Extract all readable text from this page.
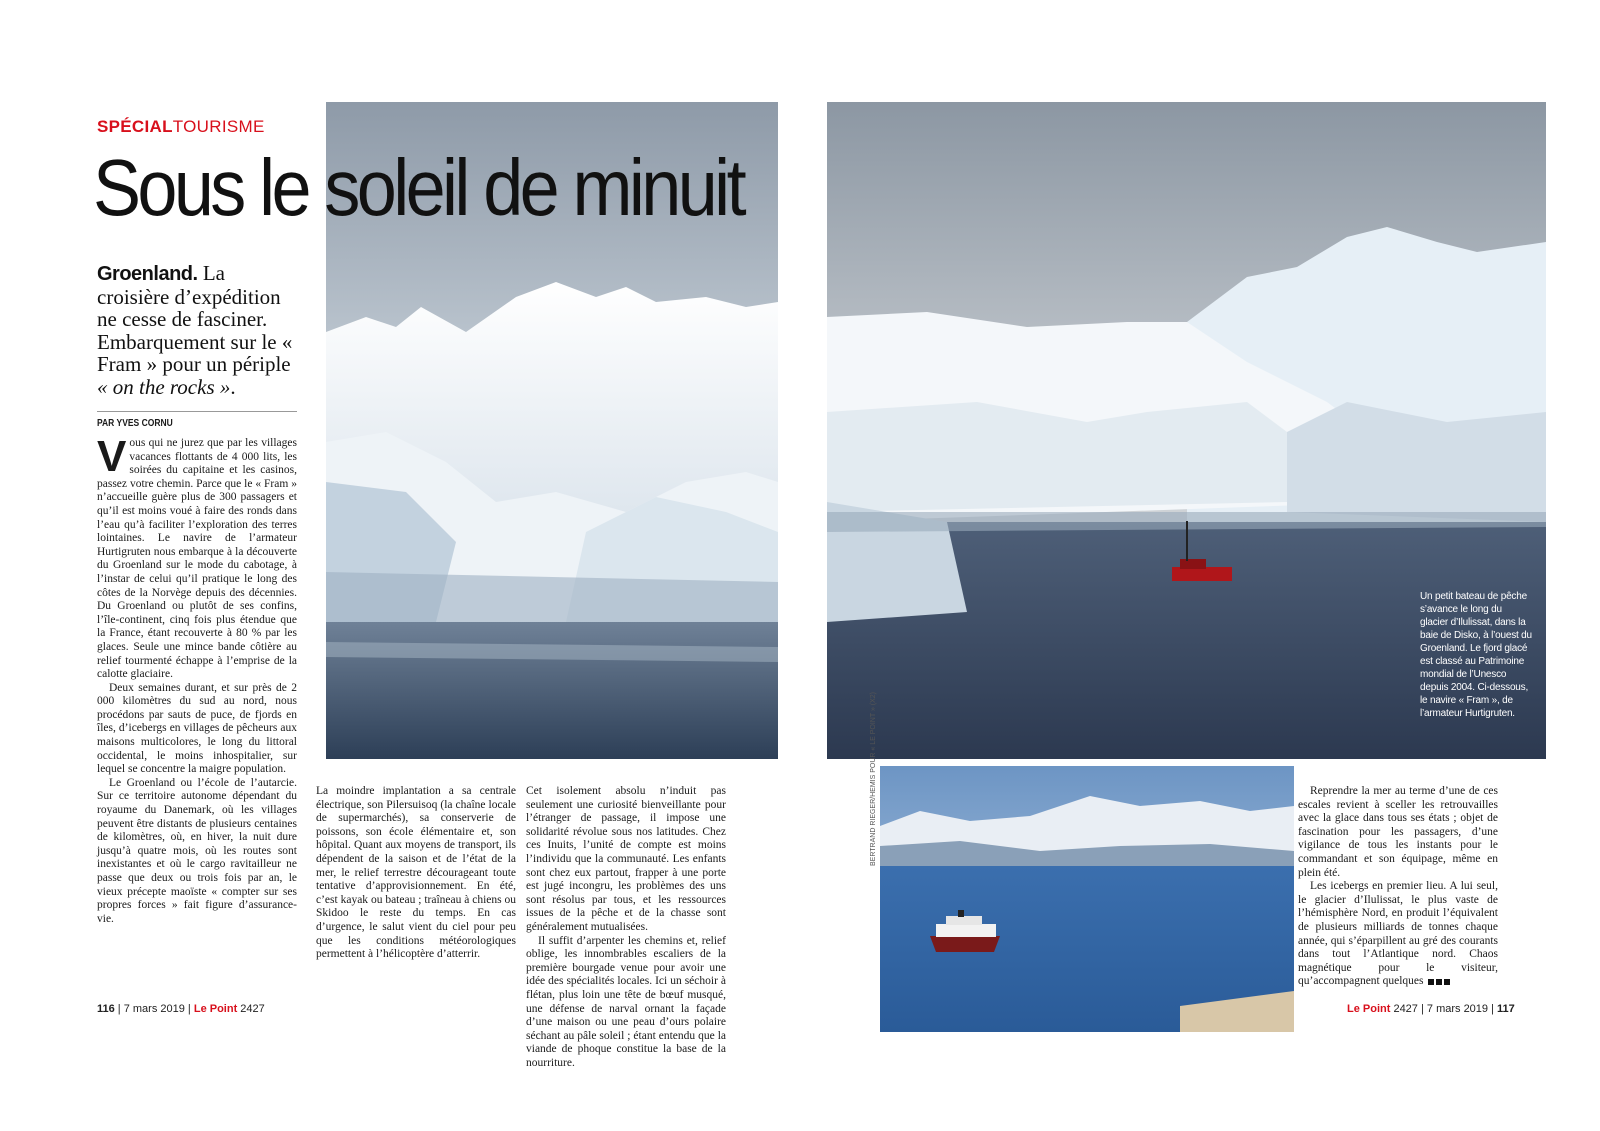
SPÉCIALTOURISME
Sous le soleil de minuit
Groenland. La croisière d’expédition ne cesse de fasciner. Embarquement sur le « Fram » pour un périple « on the rocks ».
PAR YVES CORNU

Vous qui ne jurez que par les villages vacances flottants de 4 000 lits, les soirées du capitaine et les casinos, passez votre chemin. Parce que le « Fram » n’accueille guère plus de 300 passagers et qu’il est moins voué à faire des ronds dans l’eau qu’à faciliter l’exploration des terres lointaines. Le navire de l’armateur Hurtigruten nous embarque à la découverte du Groenland sur le mode du cabotage, à l’instar de celui qu’il pratique le long des côtes de la Norvège depuis des décennies. Du Groenland ou plutôt de ses confins, l’île-continent, cinq fois plus étendue que la France, étant recouverte à 80 % par les glaces. Seule une mince bande côtière au relief tourmenté échappe à l’emprise de la calotte glaciaire.

Deux semaines durant, et sur près de 2 000 kilomètres du sud au nord, nous procédons par sauts de puce, de fjords en îles, d’icebergs en villages de pêcheurs aux maisons multicolores, le long du littoral occidental, le moins inhospitalier, sur lequel se concentre la maigre population.

Le Groenland ou l’école de l’autarcie. Sur ce territoire autonome dépendant du royaume du Danemark, où les villages peuvent être distants de plusieurs centaines de kilomètres, où, en hiver, la nuit dure jusqu’à quatre mois, où les routes sont inexistantes et où le cargo ravitailleur ne passe que deux ou trois fois par an, le vieux précepte maoïste « compter sur ses propres forces » fait figure d’assurance-vie.

La moindre implantation a sa centrale électrique, son Pilersuisoq (la chaîne locale de supermarchés), sa conserverie de poissons, son école élémentaire et, son hôpital. Quant aux moyens de transport, ils dépendent de la saison et de l’état de la mer, le relief terrestre décourageant toute tentative d’approvisionnement. En été, c’est kayak ou bateau ; traîneau à chiens ou Skidoo le reste du temps. En cas d’urgence, le salut vient du ciel pour peu que les conditions météorologiques permettent à l’hélicoptère d’atterrir.

Cet isolement absolu n’induit pas seulement une curiosité bienveillante pour l’étranger de passage, il impose une solidarité révolue sous nos latitudes. Chez ces Inuits, l’unité de compte est moins l’individu que la communauté. Les enfants sont chez eux partout, frapper à une porte est jugé incongru, les problèmes des uns sont résolus par tous, et les ressources issues de la pêche et de la chasse sont généralement mutualisées.

Il suffit d’arpenter les chemins et, relief oblige, les innombrables escaliers de la première bourgade venue pour avoir une idée des spécialités locales. Ici un séchoir à flétan, plus loin une tête de bœuf musqué, une défense de narval ornant la façade d’une maison ou une peau d’ours polaire séchant au pâle soleil ; étant entendu que la viande de phoque constitue la base de la nourriture.

Reprendre la mer au terme d’une de ces escales revient à sceller les retrouvailles avec la glace dans tous ses états ; objet de fascination pour les passagers, d’une vigilance de tous les instants pour le commandant et son équipage, même en plein été.

Les icebergs en premier lieu. A lui seul, le glacier d’Ilulissat, le plus vaste de l’hémisphère Nord, en produit l’équivalent de plusieurs milliards de tonnes chaque année, qui s’éparpillent au gré des courants dans tout l’Atlantique nord. Chaos magnétique pour le visiteur, qu’accompagnent quelques

Un petit bateau de pêche s’avance le long du glacier d’Ilulissat, dans la baie de Disko, à l’ouest du Groenland. Le fjord glacé est classé au Patrimoine mondial de l’Unesco depuis 2004. Ci-dessous, le navire « Fram », de l’armateur Hurtigruten.
BERTRAND RIEGER/HEMIS POUR « LE POINT » (X2)
116 | 7 mars 2019 | Le Point 2427	Le Point 2427 | 7 mars 2019 | 117
